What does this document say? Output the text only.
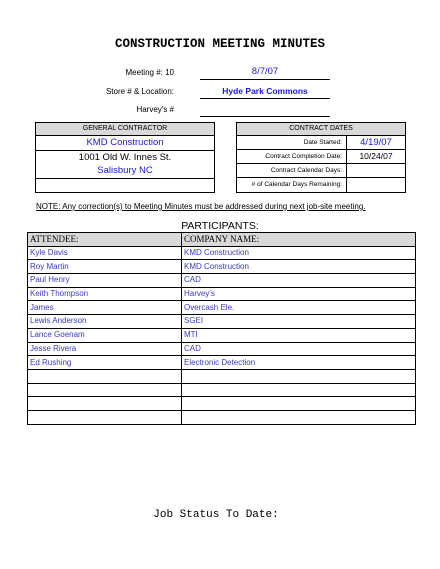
CONSTRUCTION MEETING MINUTES
Meeting #: 10	8/7/07
Store # & Location:	Hyde Park Commons
Harvey's #
GENERAL CONTRACTOR
KMD Construction
1001 Old W. Innes St.
Salisbury NC
CONTRACT DATES
Date Started:	4/19/07
Contract Completion Date:	10/24/07
Contract Calendar Days:
# of Calendar Days Remaining:
NOTE: Any correction(s) to Meeting Minutes must be addressed during next job-site meeting.
PARTICIPANTS:
ATTENDEE:	COMPANY NAME:
Kyle Davis	KMD Construction
Roy Martin	KMD Construction
Paul Henry	CAD
Keith Thompson	Harvey's
James	Overcash Ele.
Lewis Anderson	SGEI
Lance Goenam	MTI
Jesse Rivera	CAD
Ed Rushing	Electronic Detection

Job Status To Date:
